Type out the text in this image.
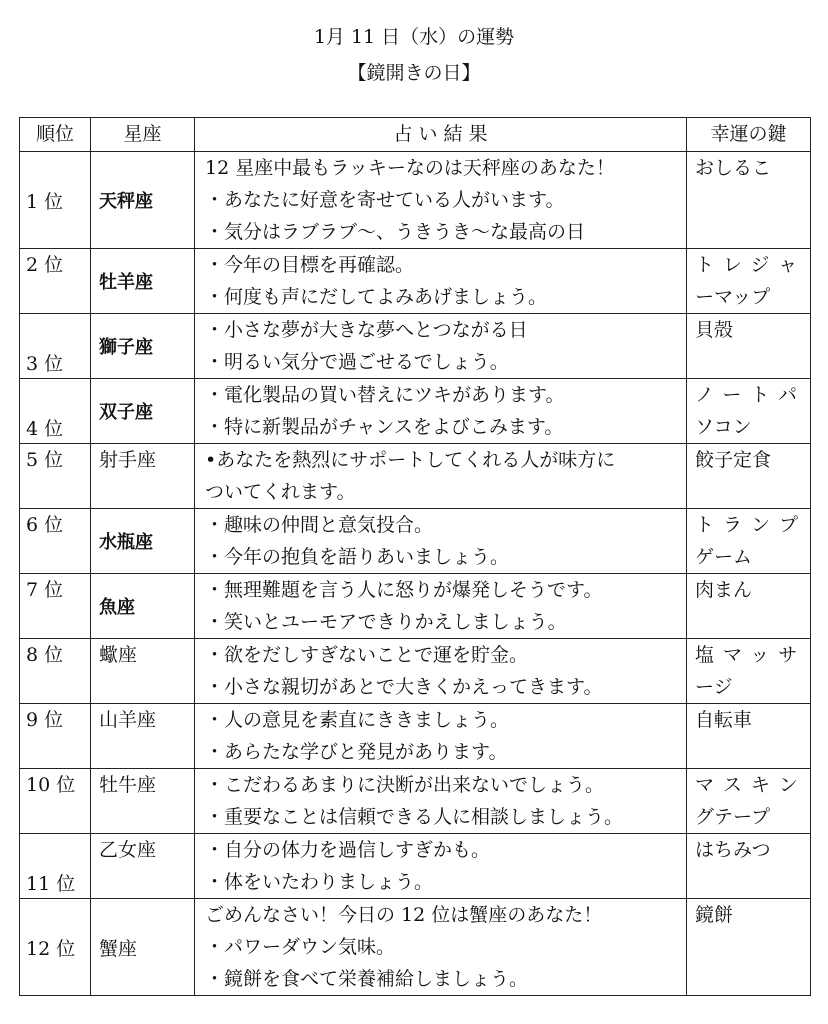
1月 11 日（水）の運勢
【鏡開きの日】
順位	星座	占 い 結 果	幸運の鍵

1 位	天秤座	12 星座中最もラッキーなのは天秤座のあなた！
・あなたに好意を寄せている人がいます。
・気分はラブラブ～、うきうき～な最高の日	おしるこ

2 位	牡羊座	・今年の目標を再確認。
・何度も声にだしてよみあげましょう。	トレジャ
ーマップ

3 位	獅子座	・小さな夢が大きな夢へとつながる日
・明るい気分で過ごせるでしょう。	貝殻

4 位	双子座	・電化製品の買い替えにツキがあります。
・特に新製品がチャンスをよびこみます。	ノートパ
ソコン

5 位	射手座	•あなたを熱烈にサポートしてくれる人が味方に
ついてくれます。	餃子定食

6 位	水瓶座	・趣味の仲間と意気投合。
・今年の抱負を語りあいましょう。	トランプ
ゲーム

7 位	魚座	・無理難題を言う人に怒りが爆発しそうです。
・笑いとユーモアできりかえしましょう。	肉まん

8 位	蠍座	・欲をだしすぎないことで運を貯金。
・小さな親切があとで大きくかえってきます。	塩マッサ
ージ

9 位	山羊座	・人の意見を素直にききましょう。
・あらたな学びと発見があります。	自転車

10 位	牡牛座	・こだわるあまりに決断が出来ないでしょう。
・重要なことは信頼できる人に相談しましょう。	マスキン
グテープ

11 位	乙女座	・自分の体力を過信しすぎかも。
・体をいたわりましょう。	はちみつ

12 位	蟹座	ごめんなさい！今日の 12 位は蟹座のあなた！
・パワーダウン気味。
・鏡餅を食べて栄養補給しましょう。	鏡餅
